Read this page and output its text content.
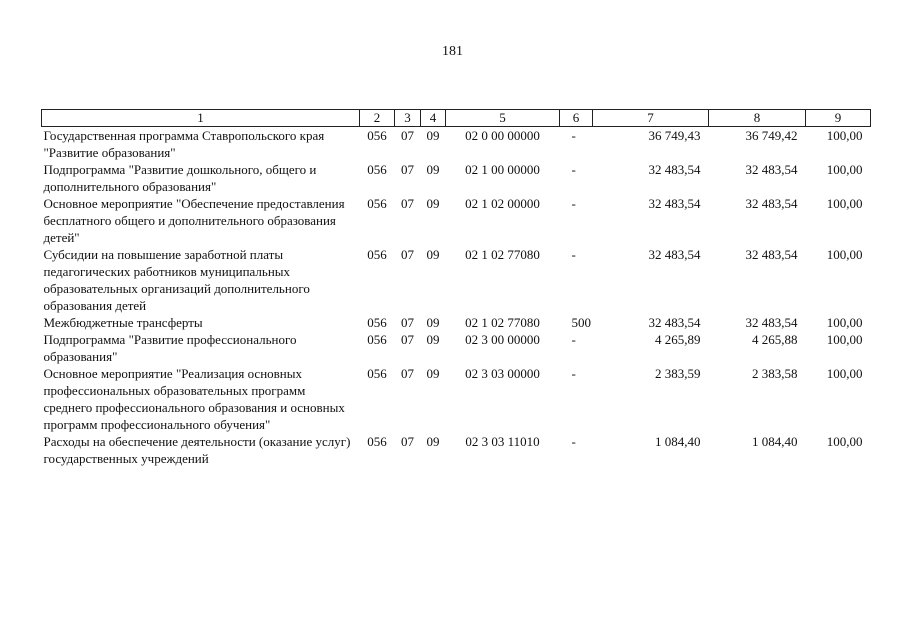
181
1	2	3	4	5	6	7	8	9
Государственная программа Ставропольского края "Развитие образования"	056	07	09	02 0 00 00000	-	36 749,43	36 749,42	100,00
Подпрограмма "Развитие дошкольного, общего и дополнительного образования"	056	07	09	02 1 00 00000	-	32 483,54	32 483,54	100,00
Основное мероприятие "Обеспечение предоставления бесплатного общего и дополнительного образования детей"	056	07	09	02 1 02 00000	-	32 483,54	32 483,54	100,00
Субсидии на повышение заработной платы педагогических работников муниципальных образовательных организаций дополнительного образования детей	056	07	09	02 1 02 77080	-	32 483,54	32 483,54	100,00
Межбюджетные трансферты	056	07	09	02 1 02 77080	500	32 483,54	32 483,54	100,00
Подпрограмма "Развитие профессионального образования"	056	07	09	02 3 00 00000	-	4 265,89	4 265,88	100,00
Основное мероприятие "Реализация основных профессиональных образовательных программ среднего профессионального образования и основных программ профессионального обучения"	056	07	09	02 3 03 00000	-	2 383,59	2 383,58	100,00
Расходы на обеспечение деятельности (оказание услуг) государственных учреждений	056	07	09	02 3 03 11010	-	1 084,40	1 084,40	100,00
